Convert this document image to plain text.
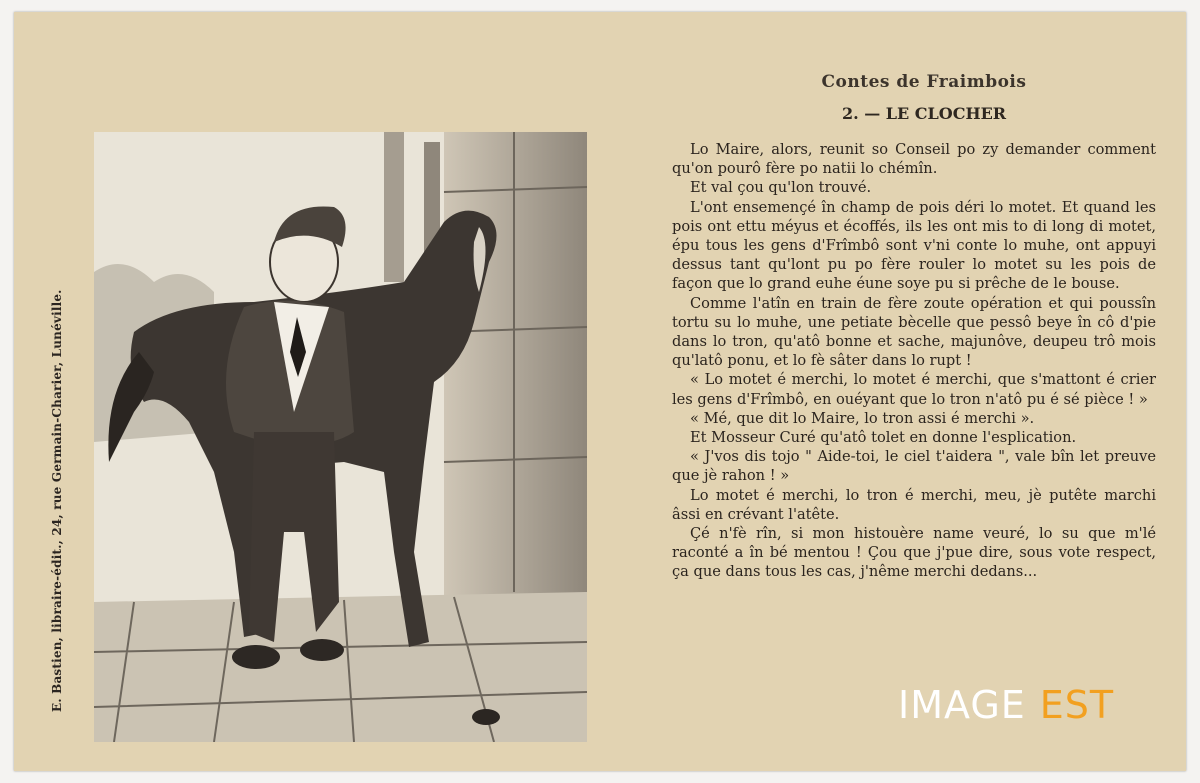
E. Bastien, libraire-édit., 24, rue Germain-Charier, Lunéville.
Contes de Fraimbois
2. — LE CLOCHER

Lo Maire, alors, reunit so Conseil po zy demander comment qu'on pourô fère po natii lo chémîn.

Et val çou qu'lon trouvé.

L'ont ensemençé în champ de pois déri lo motet. Et quand les pois ont ettu méyus et écoffés, ils les ont mis to di long di motet, épu tous les gens d'Frîmbô sont v'ni conte lo muhe, ont appuyi dessus tant qu'lont pu po fère rouler lo motet su les pois de façon que lo grand euhe éune soye pu si prêche de le bouse.

Comme l'atîn en train de fère zoute opération et qui poussîn tortu su lo muhe, une petiate bècelle que pessô beye în cô d'pie dans lo tron, qu'atô bonne et sache, majunôve, deupeu trô mois qu'latô ponu, et lo fè sâter dans lo rupt !

« Lo motet é merchi, lo motet é merchi, que s'mattont é crier les gens d'Frîmbô, en ouéyant que lo tron n'atô pu é sé pièce ! »

« Mé, que dit lo Maire, lo tron assi é merchi ».

Et Mosseur Curé qu'atô tolet en donne l'esplication.

« J'vos dis tojo " Aide-toi, le ciel t'aidera ", vale bîn let preuve que jè rahon ! »

Lo motet é merchi, lo tron é merchi, meu, jè putête marchi âssi en crévant l'atête.

Çé n'fè rîn, si mon histouère name veuré, lo su que m'lé raconté a în bé mentou ! Çou que j'pue dire, sous vote respect, ça que dans tous les cas, j'nême merchi dedans...

IMAGE EST
